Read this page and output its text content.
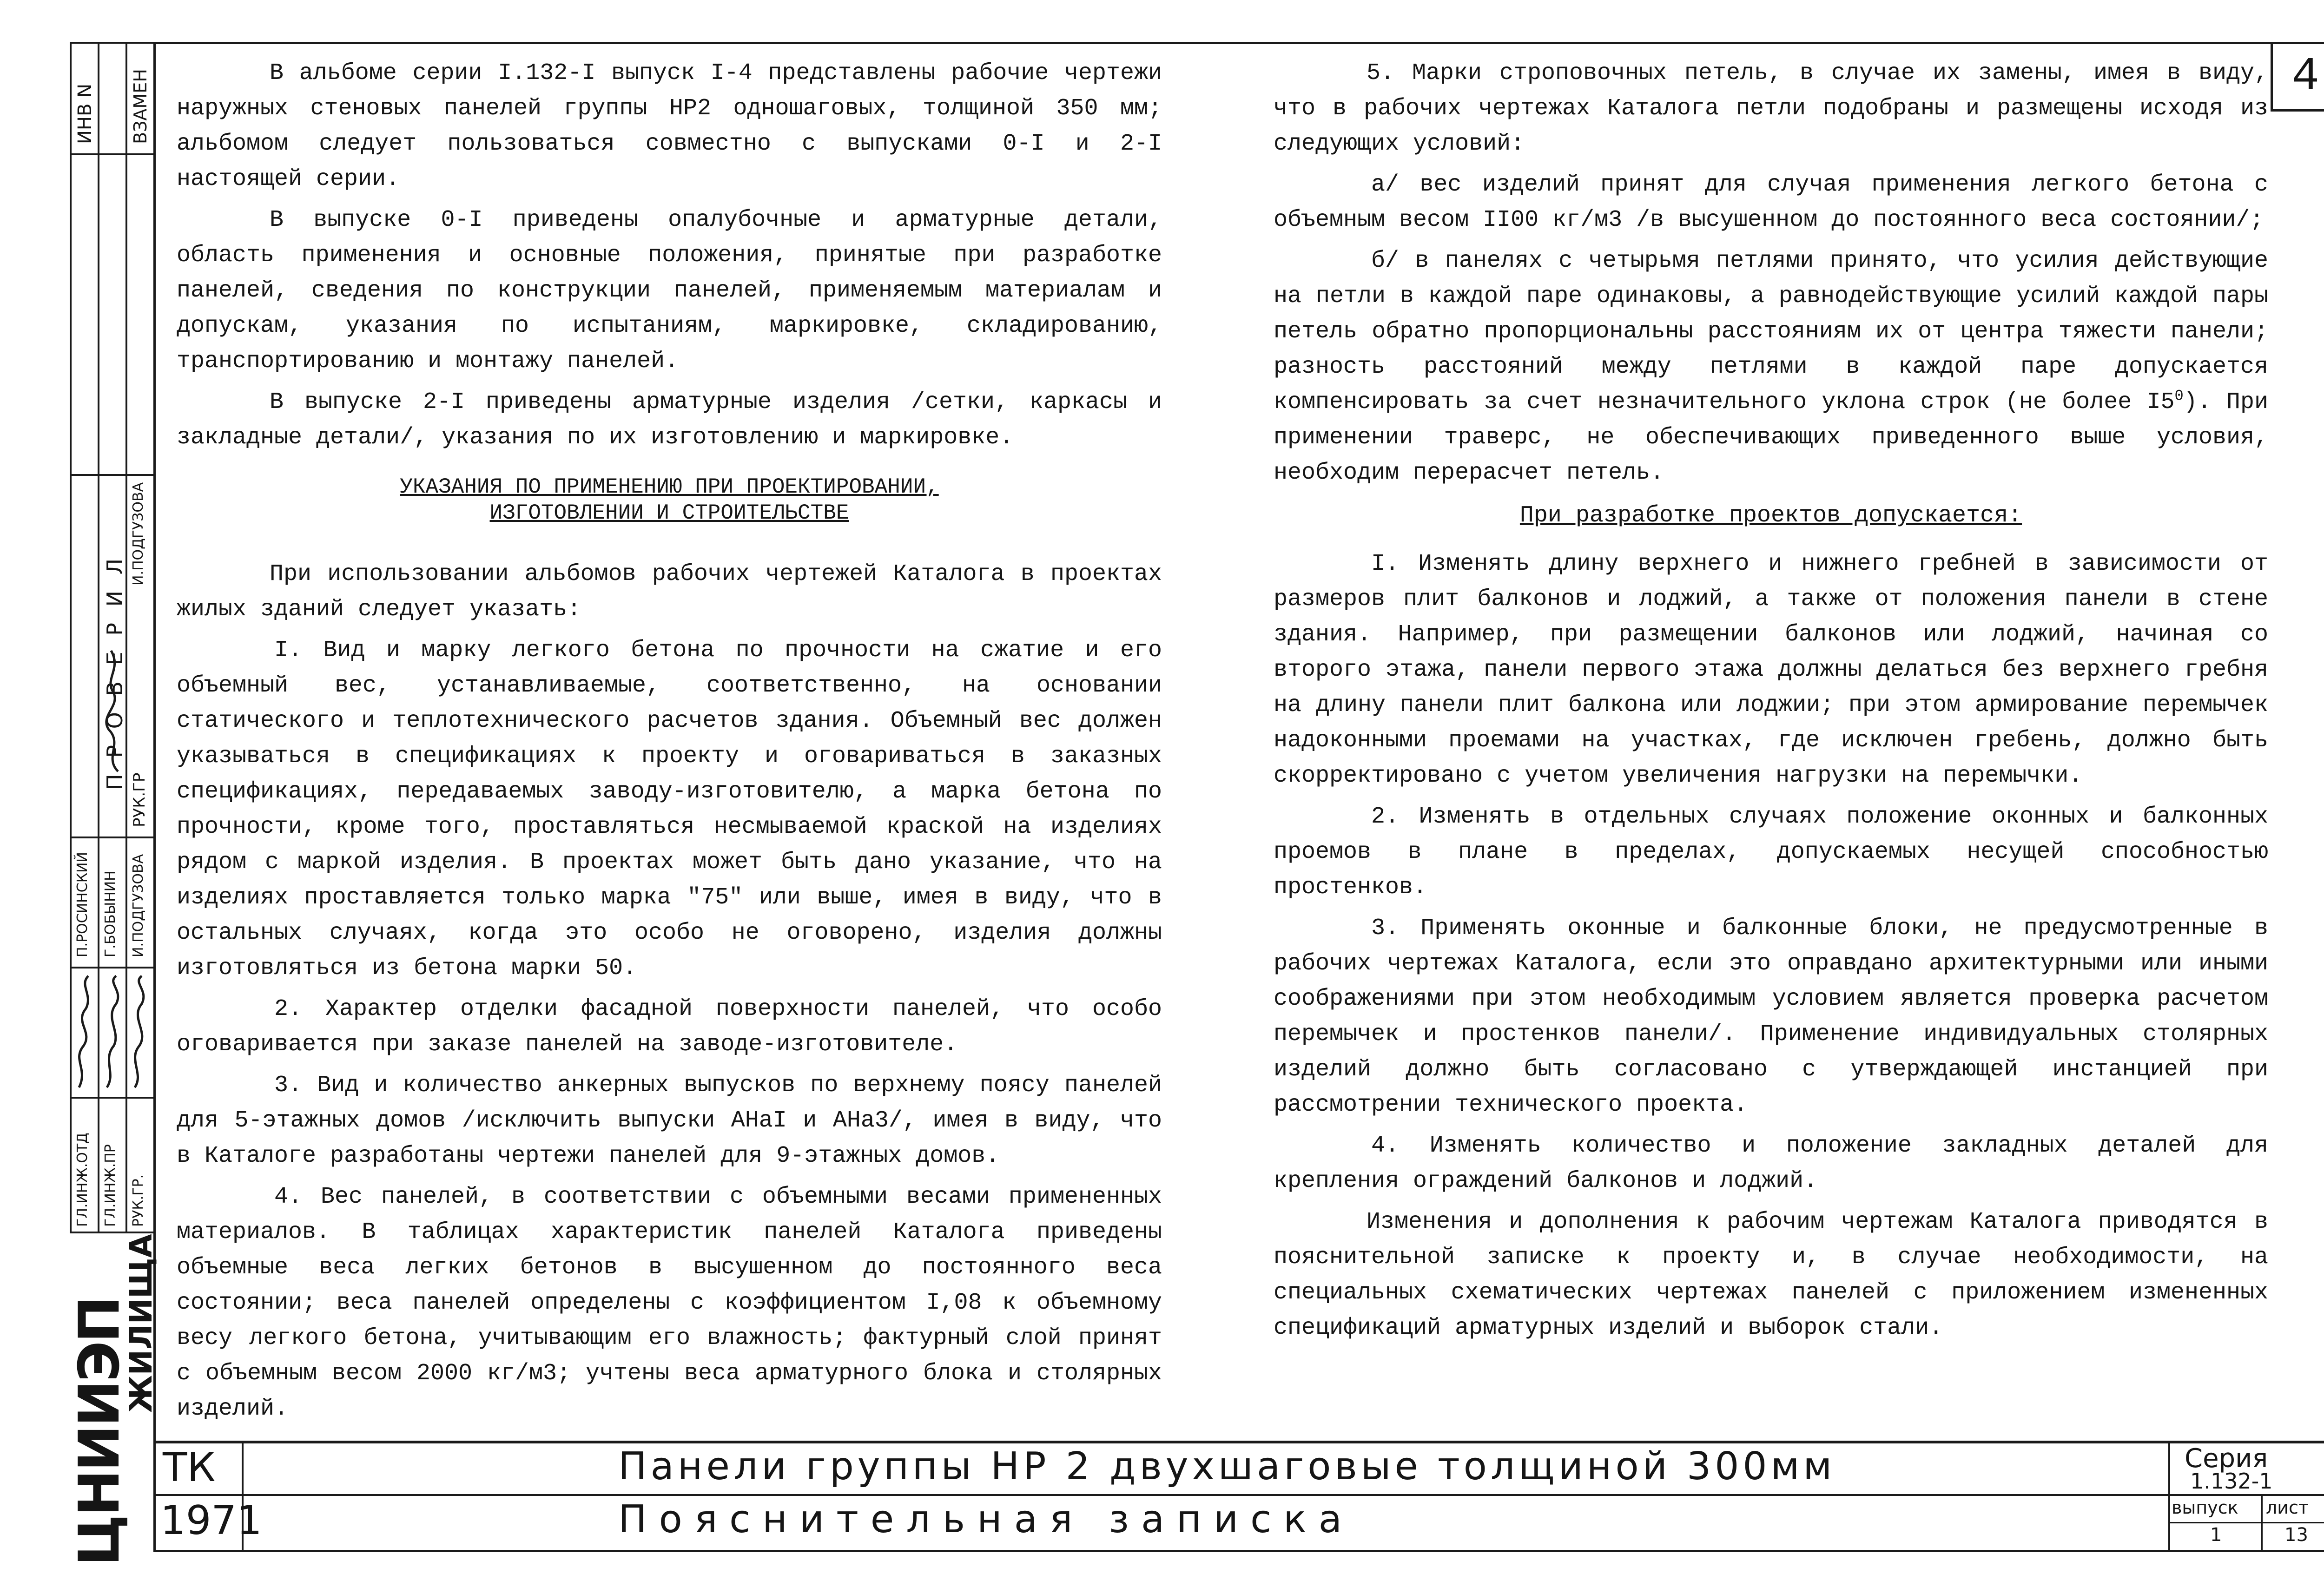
4
ИНВ N ВЗАМЕН
П Р О В Е Р И Л
РУК.ГР
И.ПОДГУЗОВА
П.РОСИНСКИЙ Г.БОБЫНИН И.ПОДГУЗОВА
ГЛ.ИНЖ.ОТД ГЛ.ИНЖ.ПР РУК.ГР.
ЦНИИЭП
ЖИЛИЩА

В альбоме серии I.132-I выпуск I-4 представлены рабочие чертежи наружных стеновых панелей группы НР2 одношаговых, толщиной 350 мм; альбомом следует пользоваться совместно с выпусками 0-I и 2-I настоящей серии.

В выпуске 0-I приведены опалубочные и арматурные детали, область применения и основные положения, принятые при разработке панелей, сведения по конструкции панелей, применяемым материалам и допускам, указания по испытаниям, маркировке, складированию, транспортированию и монтажу панелей.

В выпуске 2-I приведены арматурные изделия /сетки, каркасы и закладные детали/, указания по их изготовлению и маркировке.

УКАЗАНИЯ ПО ПРИМЕНЕНИЮ ПРИ ПРОЕКТИРОВАНИИ,
ИЗГОТОВЛЕНИИ И СТРОИТЕЛЬСТВЕ

При использовании альбомов рабочих чертежей Каталога в проектах жилых зданий следует указать:

I. Вид и марку легкого бетона по прочности на сжатие и его объемный вес, устанавливаемые, соответственно, на основании статического и теплотехнического расчетов здания. Объемный вес должен указываться в спецификациях к проекту и оговариваться в заказных спецификациях, передаваемых заводу-изготовителю, а марка бетона по прочности, кроме того, проставляться несмываемой краской на изделиях рядом с маркой изделия. В проектах может быть дано указание, что на изделиях проставляется только марка "75" или выше, имея в виду, что в остальных случаях, когда это особо не оговорено, изделия должны изготовляться из бетона марки 50.

2. Характер отделки фасадной поверхности панелей, что особо оговаривается при заказе панелей на заводе-изготовителе.

3. Вид и количество анкерных выпусков по верхнему поясу панелей для 5-этажных домов /исключить выпуски АНаI и АНа3/, имея в виду, что в Каталоге разработаны чертежи панелей для 9-этажных домов.

4. Вес панелей, в соответствии с объемными весами примененных материалов. В таблицах характеристик панелей Каталога приведены объемные веса легких бетонов в высушенном до постоянного веса состоянии; веса панелей определены с коэффициентом I,08 к объемному весу легкого бетона, учитывающим его влажность; фактурный слой принят с объемным весом 2000 кг/м3; учтены веса арматурного блока и столярных изделий.

5. Марки строповочных петель, в случае их замены, имея в виду, что в рабочих чертежах Каталога петли подобраны и размещены исходя из следующих условий:

а/ вес изделий принят для случая применения легкого бетона с объемным весом II00 кг/м3 /в высушенном до постоянного веса состоянии/;

б/ в панелях с четырьмя петлями принято, что усилия действующие на петли в каждой паре одинаковы, а равнодействующие усилий каждой пары петель обратно пропорциональны расстояниям их от центра тяжести панели; разность расстояний между петлями в каждой паре допускается компенсировать за счет незначительного уклона строк (не более $I5^0$). При применении траверс, не обеспечивающих приведенного выше условия, необходим перерасчет петель.

При разработке проектов допускается:

I. Изменять длину верхнего и нижнего гребней в зависимости от размеров плит балконов и лоджий, а также от положения панели в стене здания. Например, при размещении балконов или лоджий, начиная со второго этажа, панели первого этажа должны делаться без верхнего гребня на длину панели плит балкона или лоджии; при этом армирование перемычек надоконными проемами на участках, где исключен гребень, должно быть скорректировано с учетом увеличения нагрузки на перемычки.

2. Изменять в отдельных случаях положение оконных и балконных проемов в плане в пределах, допускаемых несущей способностью простенков.

3. Применять оконные и балконные блоки, не предусмотренные в рабочих чертежах Каталога, если это оправдано архитектурными или иными соображениями при этом необходимым условием является проверка расчетом перемычек и простенков панели/. Применение индивидуальных столярных изделий должно быть согласовано с утверждающей инстанцией при рассмотрении технического проекта.

4. Изменять количество и положение закладных деталей для крепления ограждений балконов и лоджий.

Изменения и дополнения к рабочим чертежам Каталога приводятся в пояснительной записке к проекту и, в случае необходимости, на специальных схематических чертежах панелей с приложением измененных спецификаций арматурных изделий и выборок стали.

ТК
1971
Панели группы НР 2 двухшаговые толщиной 300мм
Пояснительная записка
Серия
1.132-1
выпуск
1
лист
13
